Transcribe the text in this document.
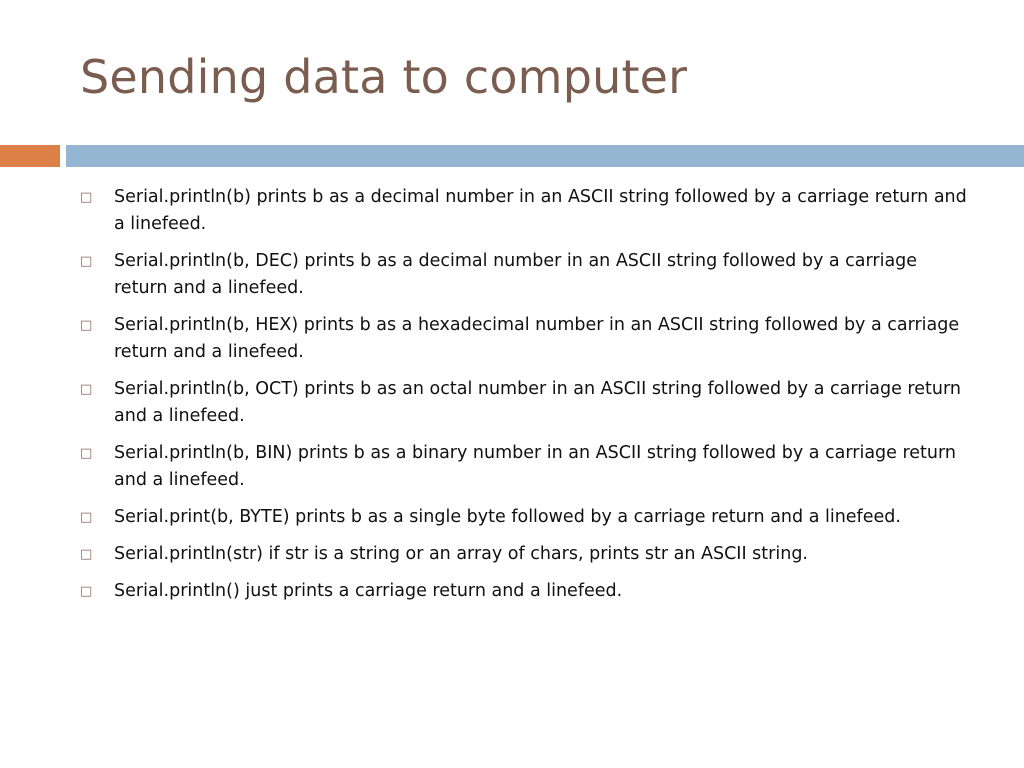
Sending data to computer
□	Serial.println(b) prints b as a decimal number in an ASCII string followed by a carriage return and a linefeed.
□	Serial.println(b, DEC) prints b as a decimal number in an ASCII string followed by a carriage return and a linefeed.
□	Serial.println(b, HEX) prints b as a hexadecimal number in an ASCII string followed by a carriage return and a linefeed.
□	Serial.println(b, OCT) prints b as an octal number in an ASCII string followed by a carriage return and a linefeed.
□	Serial.println(b, BIN) prints b as a binary number in an ASCII string followed by a carriage return and a linefeed.
□	Serial.print(b, BYTE) prints b as a single byte followed by a carriage return and a linefeed.
□	Serial.println(str) if str is a string or an array of chars, prints str an ASCII string.
□	Serial.println() just prints a carriage return and a linefeed.
